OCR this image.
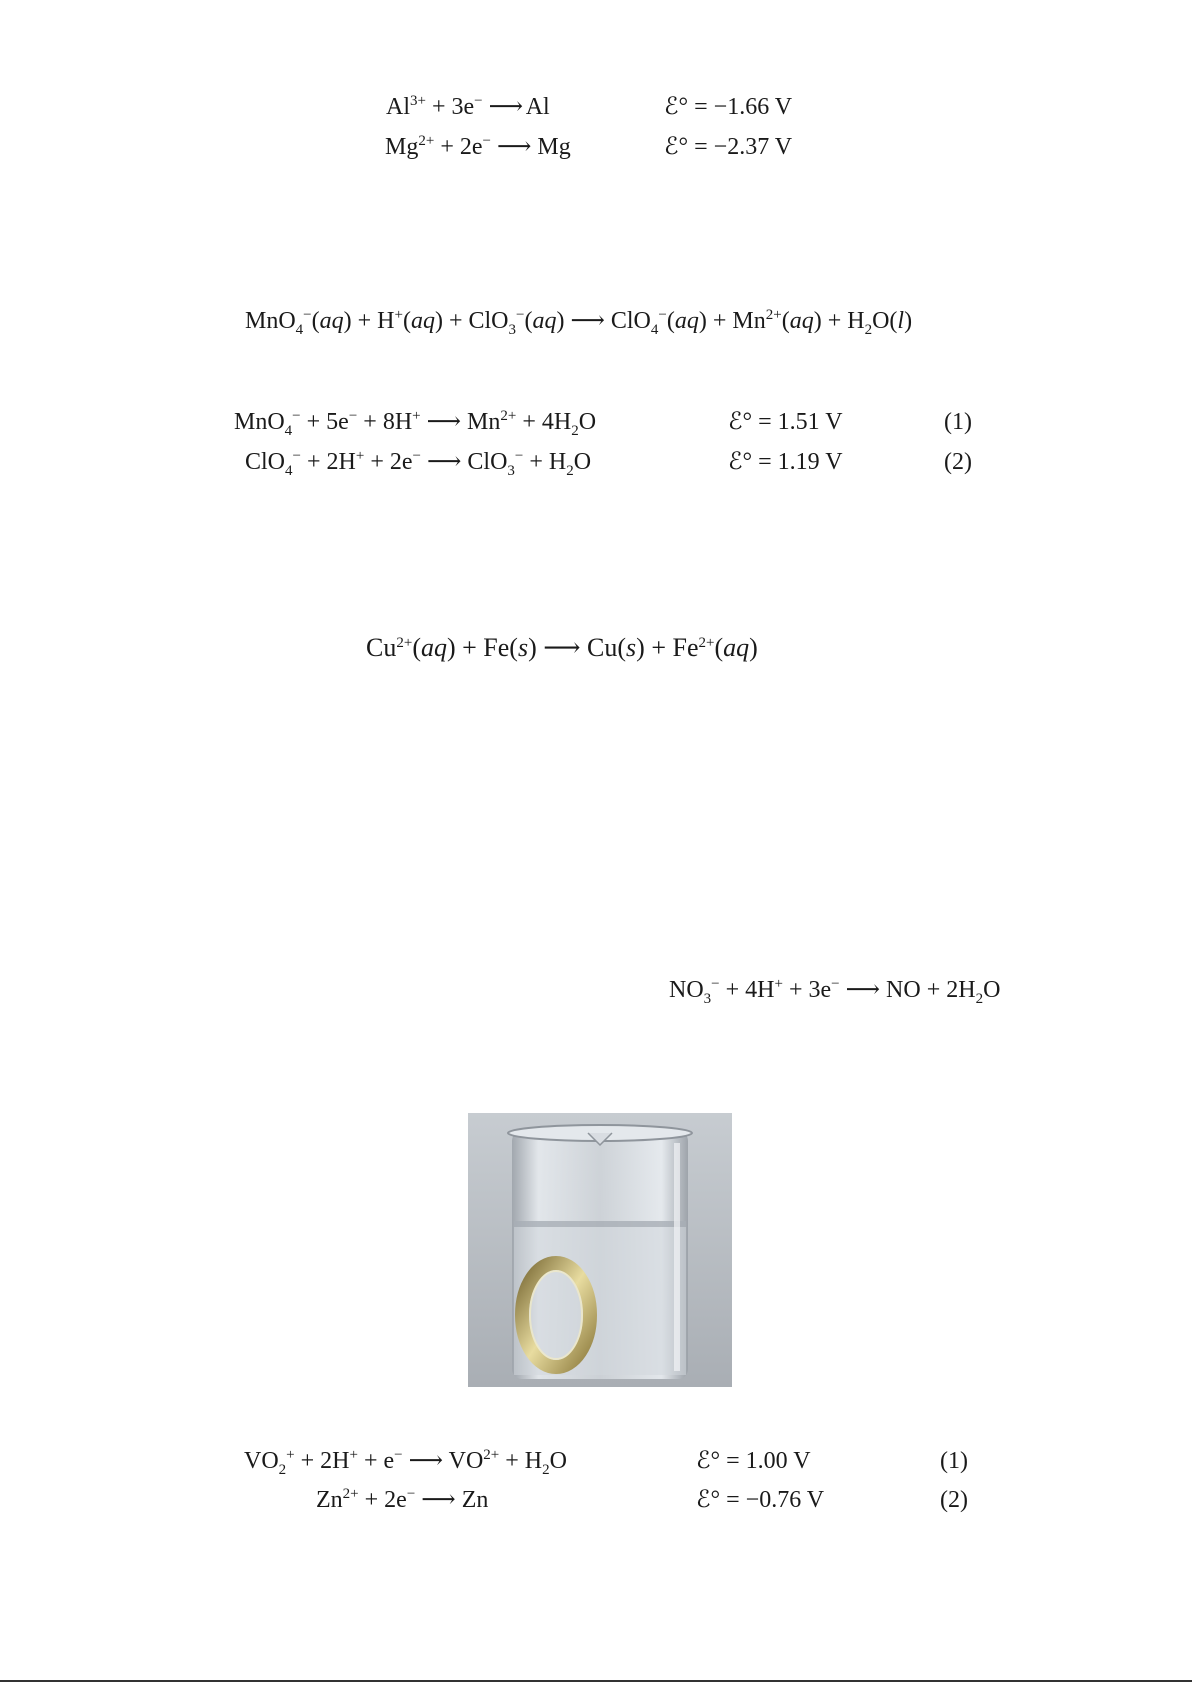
$Al^{3+} + 3e^-$ ⟶ Al	ℰ° = −1.66 V
$Mg^{2+} + 2e^-$ ⟶ Mg	ℰ° = −2.37 V
MnO$_4$−(aq) + H+(aq) + ClO$_3$−(aq) ⟶ $ClO_4^-(aq) + Mn^{2+}(aq) + H_2O(l)$
MnO$_4$− + 5e− + 8H+ ⟶ $Mn^{2+} + 4H_2O$	ℰ° = 1.51 V	(1)
ClO$_4$− + 2H+ + 2e− ⟶ $ClO_3^- + H_2O$	ℰ° = 1.19 V	(2)
$Cu^{2+}(aq) + Fe(s)$ ⟶ $Cu(s) + Fe^{2+}(aq)$
$NO_3^- + 4H^+ + 3e^-$ ⟶ NO + $2H_2O$
$VO_2^+ + 2H^+ + e^-$ ⟶ $VO^{2+} + H_2O$	ℰ° = 1.00 V	(1)
$Zn^{2+} + 2e^-$ ⟶ Zn	ℰ° = −0.76 V	(2)
